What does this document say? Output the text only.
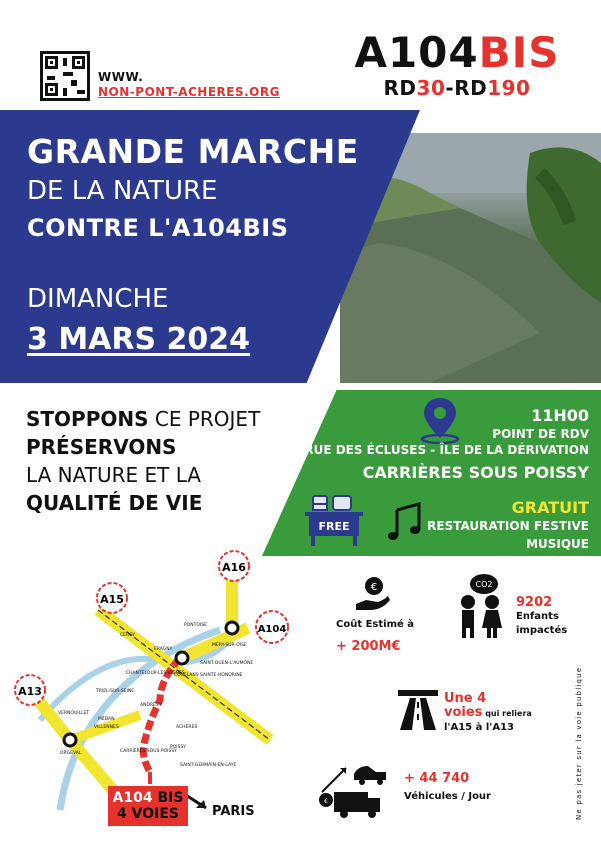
WWW.
NON-PONT-ACHERES.ORG
A104BIS
RD30-RD190
GRANDE MARCHE
DE LA NATURE
CONTRE L'A104BIS
DIMANCHE
3 MARS 2024
STOPPONS CE PROJET
PRÉSERVONS
LA NATURE ET LA
QUALITÉ DE VIE
11H00
POINT DE RDV
RUE DES ÉCLUSES - ÎLE DE LA DÉRIVATION
CARRIÈRES SOUS POISSY
FREE
GRATUIT
RESTAURATION FESTIVE
MUSIQUE
A16
A15
A104
A13
PONTOISE
CERGY
ERAGNY
MÉRY-SUR-OISE
SAINT-OUEN-L'AUMÔNE
CHANTELOUP-LES-VIGNES
CONFLANS SAINTE-HONORINE
TRIEL-SUR-SEINE
ANDRÉSY
VERNOUILLET
MÉDAN
VILLENNES	ACHÈRES
ORGEVAL	CARRIÈRES SOUS POISSY
POISSY
SAINT-GERMAIN-EN-LAYE
A104 BIS
4 VOIES	PARIS
€
Coût Estimé à
+ 200M€
CO2
9202
Enfants
impactés
Une 4
voies qui reliera
l'A15 à l'A13
€
+ 44 740
Véhicules / Jour	Ne pas jeter sur la voie publique
